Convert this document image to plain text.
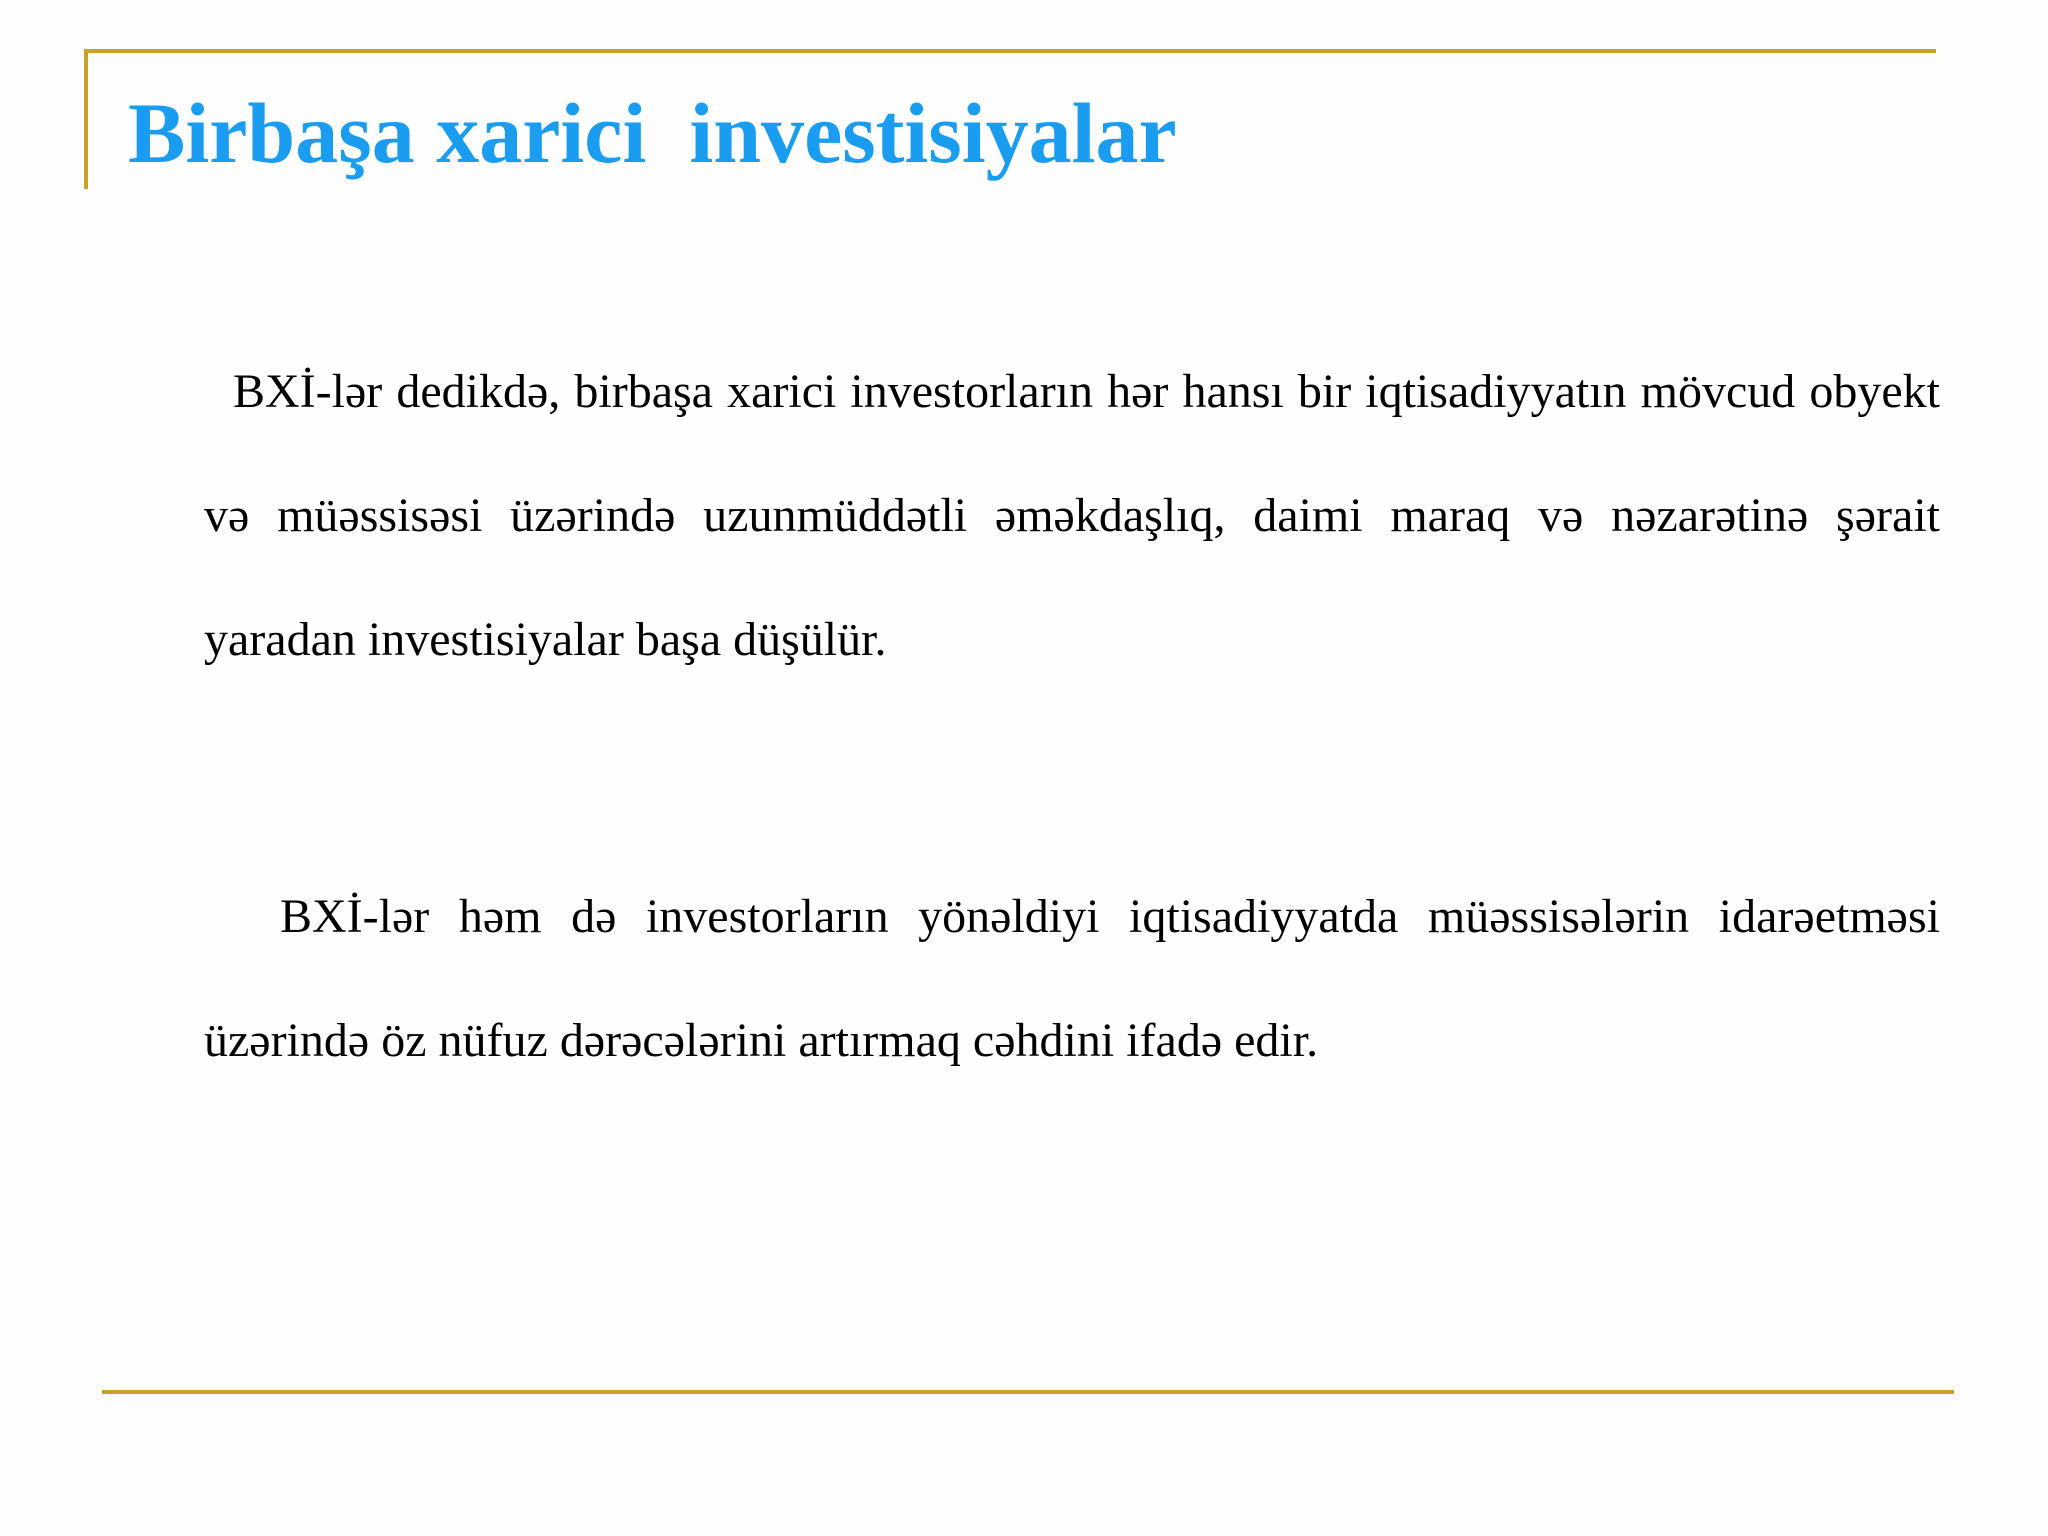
Birbaşa xarici  investisiyalar

BXİ-lər dedikdə, birbaşa xarici investorların hər hansı bir iqtisadiyyatın mövcud obyekt və müəssisəsi üzərində uzunmüddətli əməkdaşlıq, daimi maraq və nəzarətinə şərait yaradan investisiyalar başa düşülür.

BXİ-lər həm də investorların yönəldiyi iqtisadiyyatda müəssisələrin idarəetməsi üzərində öz nüfuz dərəcələrini artırmaq cəhdini ifadə edir.
